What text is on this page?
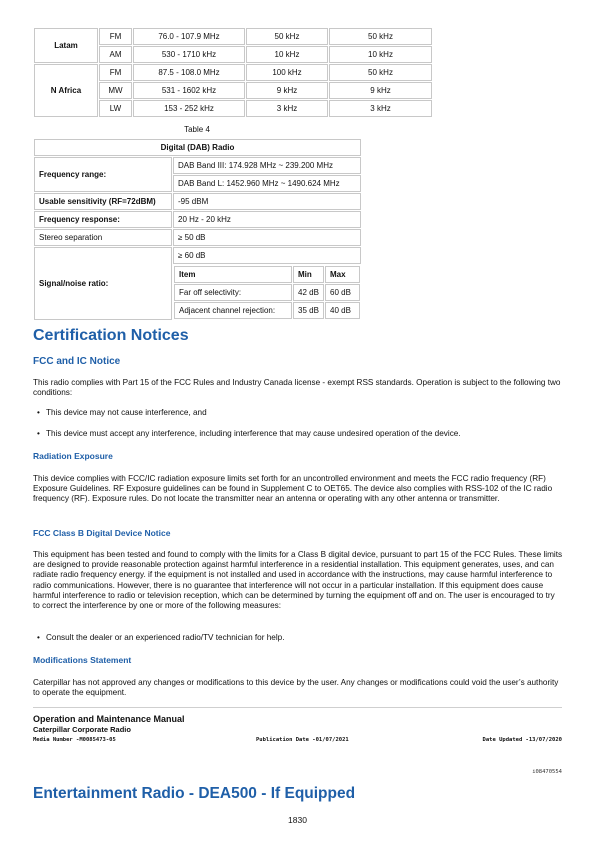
Latam	FM	76.0 - 107.9 MHz	50 kHz	50 kHz
	AM	530 - 1710 kHz	10 kHz	10 kHz
N Africa	FM	87.5 - 108.0 MHz	100 kHz	50 kHz
	MW	531 - 1602 kHz	9 kHz	9 kHz
	LW	153 - 252 kHz	3 kHz	3 kHz
Table 4
Digital (DAB) Radio
Frequency range:	DAB Band III: 174.928 MHz ~ 239.200 MHz
DAB Band L: 1452.960 MHz ~ 1490.624 MHz
Usable sensitivity (RF=72dBM)	-95 dBM
Frequency response:	20 Hz - 20 kHz
Stereo separation	≥ 50 dB
Signal/noise ratio:	≥ 60 dB

Item	Min	Max
Far off selectivity:	42 dB	60 dB
Adjacent channel rejection:	35 dB	40 dB
Certification Notices
FCC and IC Notice
This radio complies with Part 15 of the FCC Rules and Industry Canada license - exempt RSS standards. Operation is subject to the following two conditions:
• This device may not cause interference, and
• This device must accept any interference, including interference that may cause undesired operation of the device.
Radiation Exposure
This device complies with FCC/IC radiation exposure limits set forth for an uncontrolled environment and meets the FCC radio frequency (RF) Exposure Guidelines. RF Exposure guidelines can be found in Supplement C to OET65. The device also complies with RSS-102 of the IC radio frequency (RF). Exposure rules. Do not locate the transmitter near an antenna or operating with any other antenna or transmitter.
FCC Class B Digital Device Notice
This equipment has been tested and found to comply with the limits for a Class B digital device, pursuant to part 15 of the FCC Rules. These limits are designed to provide reasonable protection against harmful interference in a residential installation. This equipment generates, uses, and can radiate radio frequency energy. if the equipment is not installed and used in accordance with the instructions, may cause harmful interference to radio communications. However, there is no guarantee that interference will not occur in a particular installation. If this equipment does cause harmful interference to radio or television reception, which can be determined by turning the equipment off and on. The user is encouraged to try to correct the interference by one or more of the following measures:
• Consult the dealer or an experienced radio/TV technician for help.
Modifications Statement
Caterpillar has not approved any changes or modifications to this device by the user. Any changes or modifications could void the user’s authority to operate the equipment.
Operation and Maintenance Manual
Caterpillar Corporate Radio
Media Number -M0085473-05	Publication Date -01/07/2021	Date Updated -13/07/2020
i08470554
Entertainment Radio - DEA500 - If Equipped
1830
